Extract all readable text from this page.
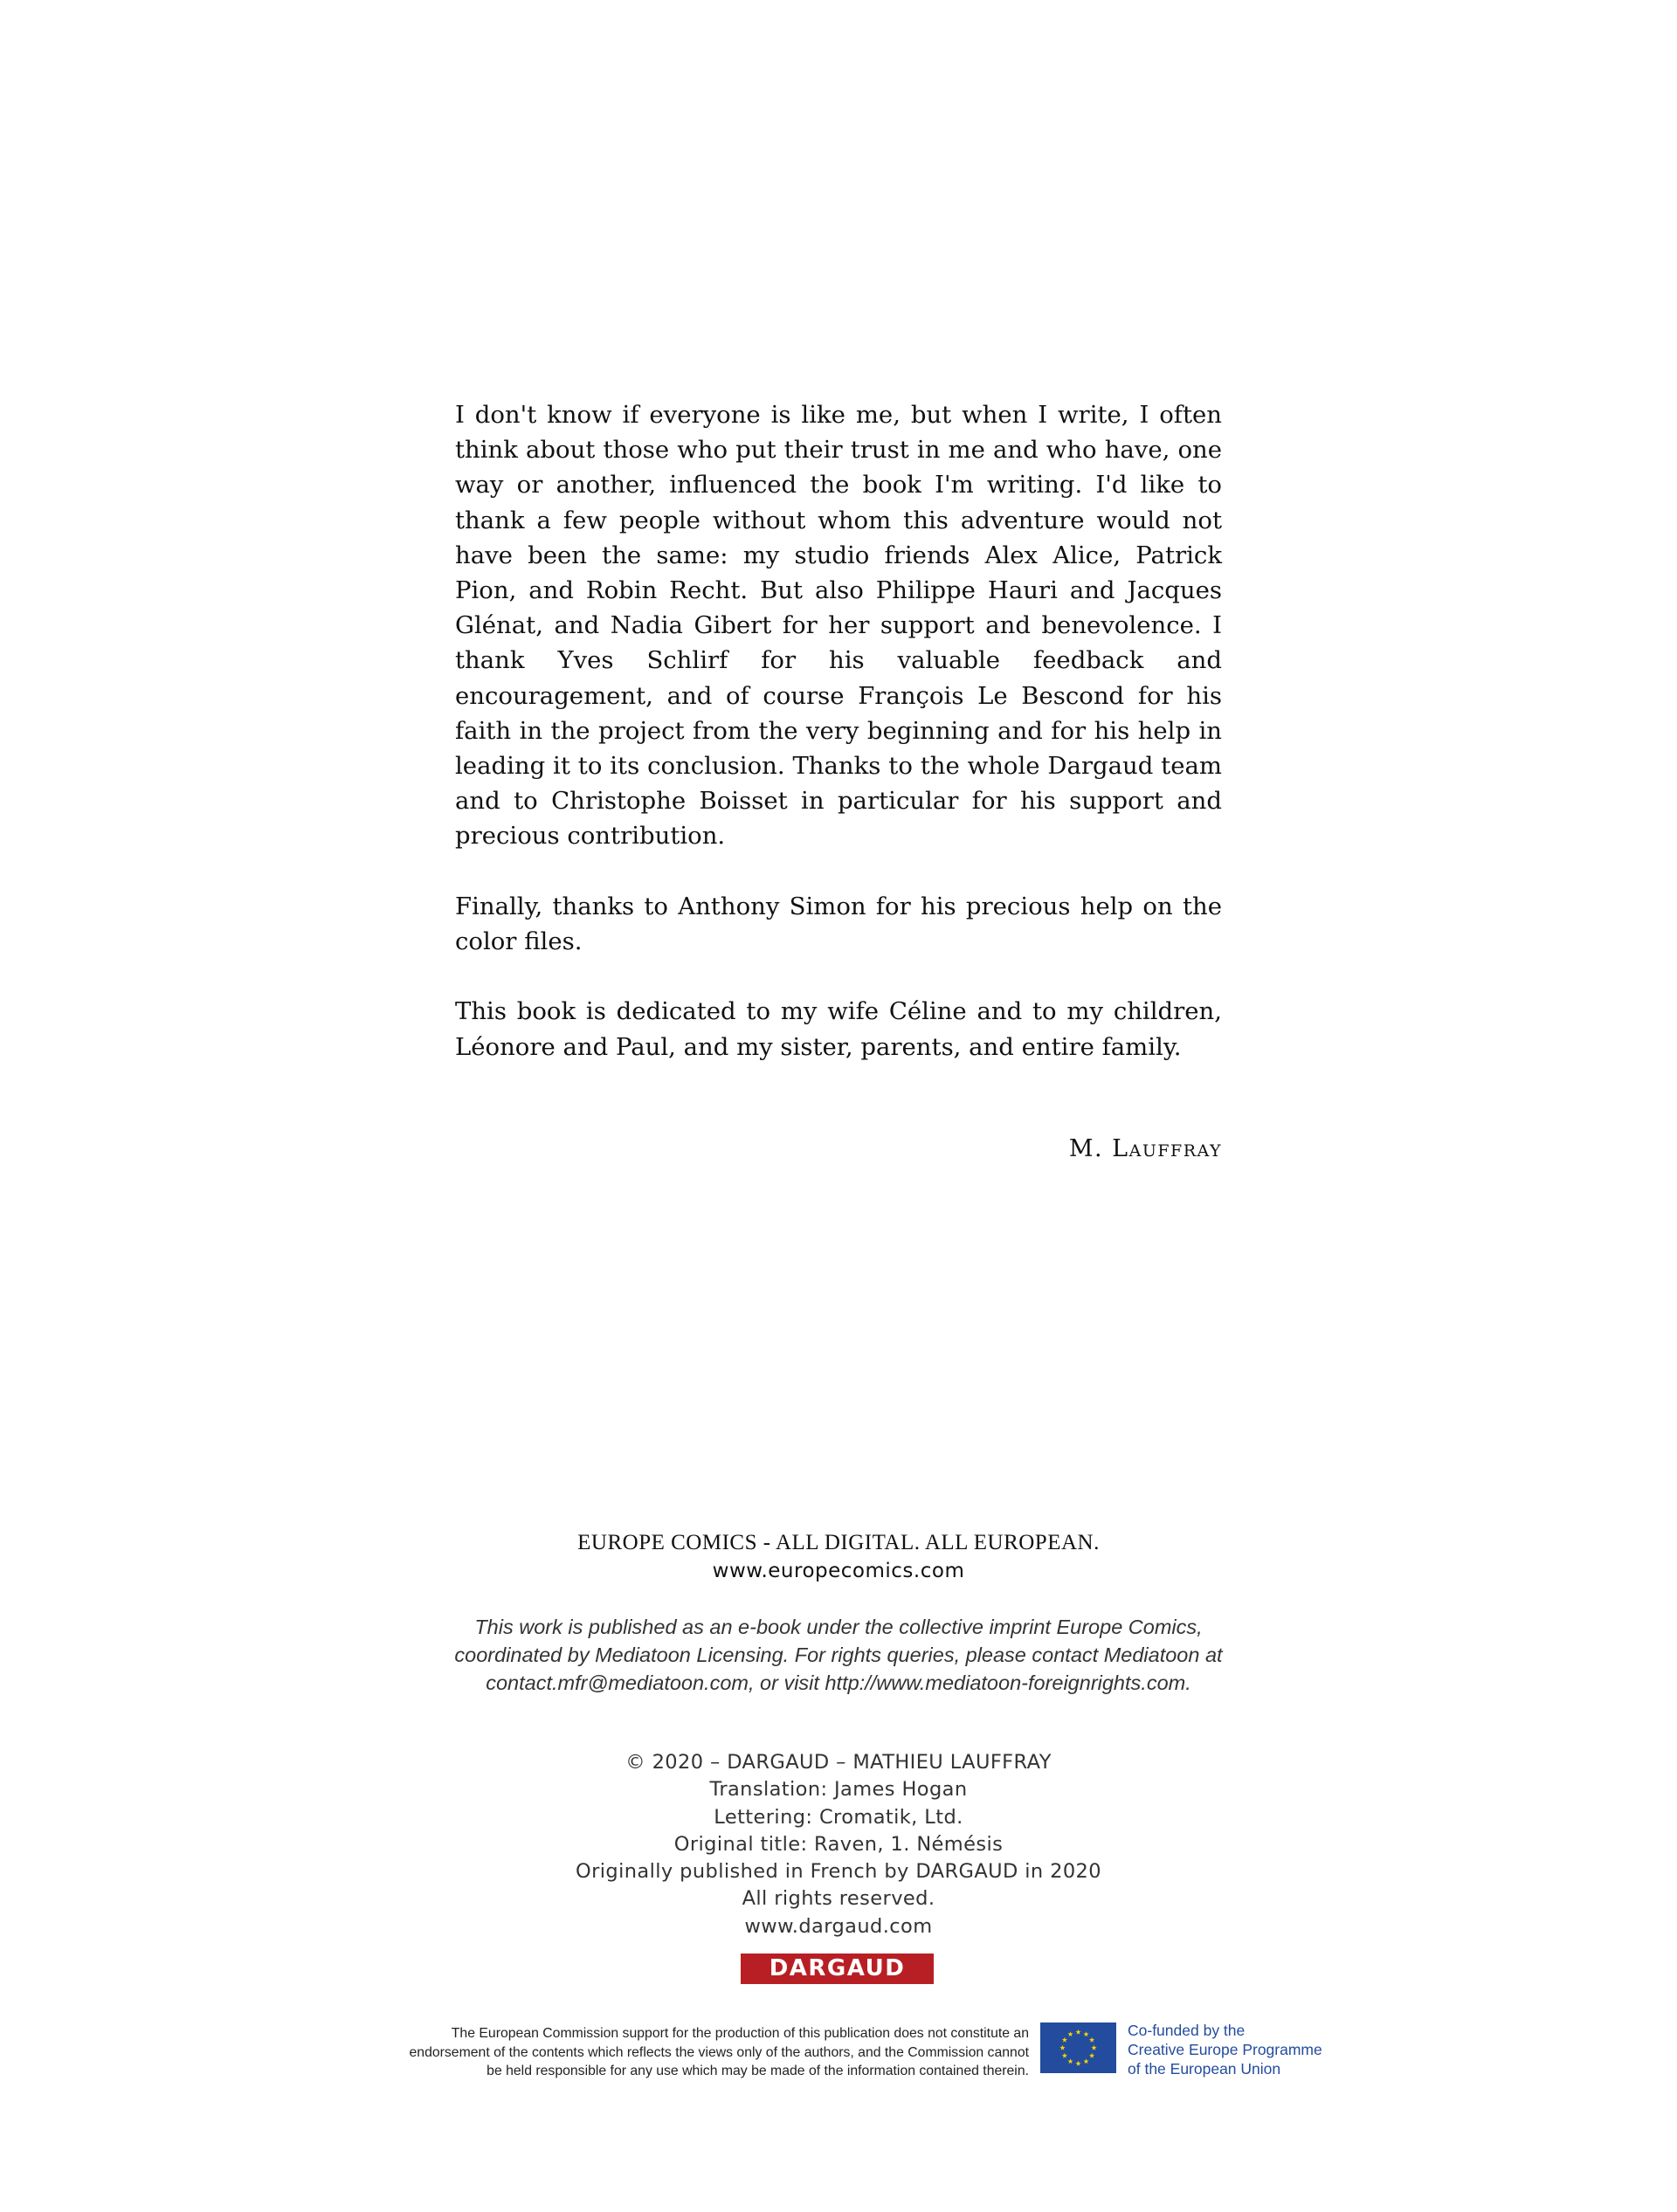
I don't know if everyone is like me, but when I write, I often think about those who put their trust in me and who have, one way or another, influenced the book I'm writing. I'd like to thank a few people without whom this adventure would not have been the same: my studio friends Alex Alice, Patrick Pion, and Robin Recht. But also Philippe Hauri and Jacques Glénat, and Nadia Gibert for her support and benevolence. I thank Yves Schlirf for his valuable feedback and encouragement, and of course François Le Bescond for his faith in the project from the very beginning and for his help in leading it to its conclusion. Thanks to the whole Dargaud team and to Christophe Boisset in particular for his support and precious contribution.

Finally, thanks to Anthony Simon for his precious help on the color files.

This book is dedicated to my wife Céline and to my children, Léonore and Paul, and my sister, parents, and entire family.

M. Lauffray
EUROPE COMICS - ALL DIGITAL. ALL EUROPEAN.
www.europecomics.com
This work is published as an e-book under the collective imprint Europe Comics,
coordinated by Mediatoon Licensing. For rights queries, please contact Mediatoon at
contact.mfr@mediatoon.com, or visit http://www.mediatoon-foreignrights.com.
© 2020 – DARGAUD – MATHIEU LAUFFRAY
Translation: James Hogan
Lettering: Cromatik, Ltd.
Original title: Raven, 1. Némésis
Originally published in French by DARGAUD in 2020
All rights reserved.
www.dargaud.com
DARGAUD
The European Commission support for the production of this publication does not constitute an
endorsement of the contents which reflects the views only of the authors, and the Commission cannot
be held responsible for any use which may be made of the information contained therein.
Co-funded by the
Creative Europe Programme
of the European Union
